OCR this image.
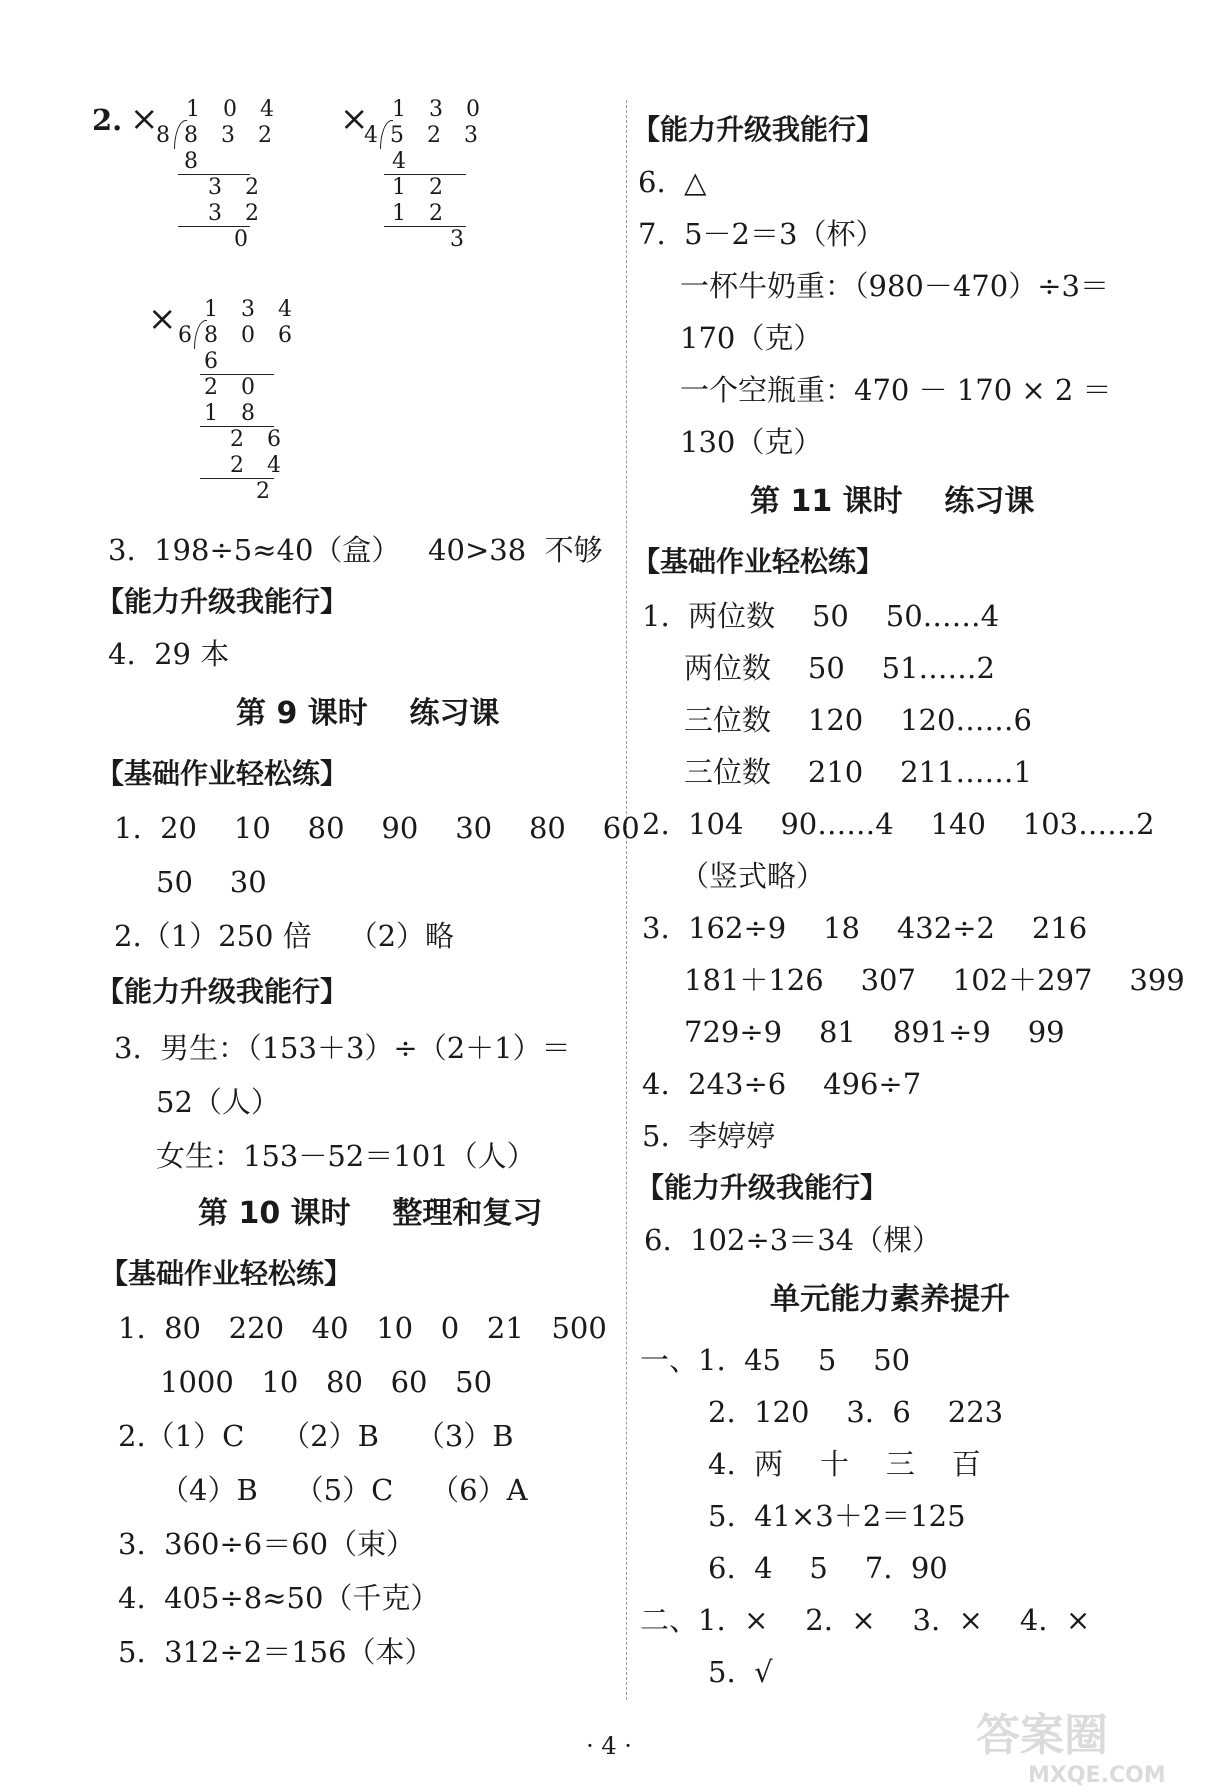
2. × 1 0 4
8 8 3 2
8
3 2
3 2
0
× 1 3 0
4 5 2 3
4
1 2
1 2
3
× 1 3 4
6 8 0 6
6
2 0
1 8
2 6
2 4
2
3.  198÷5≈40（盒）   40>38  不够
【能力升级我能行】
4.  29 本
第 9 课时    练习课
【基础作业轻松练】
1.  20    10    80    90    30    80    60
50    30
2.（1）250 倍    （2）略
【能力升级我能行】
3.  男生：（153＋3）÷（2＋1）＝
52（人）
女生：153－52＝101（人）
第 10 课时    整理和复习
【基础作业轻松练】
1.  80   220   40   10   0   21   500
1000   10   80   60   50
2.（1）C    （2）B    （3）B
（4）B    （5）C    （6）A
3.  360÷6＝60（束）
4.  405÷8≈50（千克）
5.  312÷2＝156（本）
【能力升级我能行】
6.  △
7.  5－2＝3（杯）
一杯牛奶重：（980－470）÷3＝
170（克）
一个空瓶重：470 － 170 × 2 ＝
130（克）
第 11 课时    练习课
【基础作业轻松练】
1.  两位数    50    50……4
两位数    50    51……2
三位数    120    120……6
三位数    210    211……1
2.  104    90……4    140    103……2
（竖式略）
3.  162÷9    18    432÷2    216
181＋126    307    102＋297    399
729÷9    81    891÷9    99
4.  243÷6    496÷7
5.  李婷婷
【能力升级我能行】
6.  102÷3＝34（棵）
单元能力素养提升
一、1.  45    5    50
2.  120    3.  6    223
4.  两    十    三    百
5.  41×3＋2＝125
6.  4    5    7.  90
二、1.  ×    2.  ×    3.  ×    4.  ×
5.  √
· 4 ·	答案圈
MXQE.COM
